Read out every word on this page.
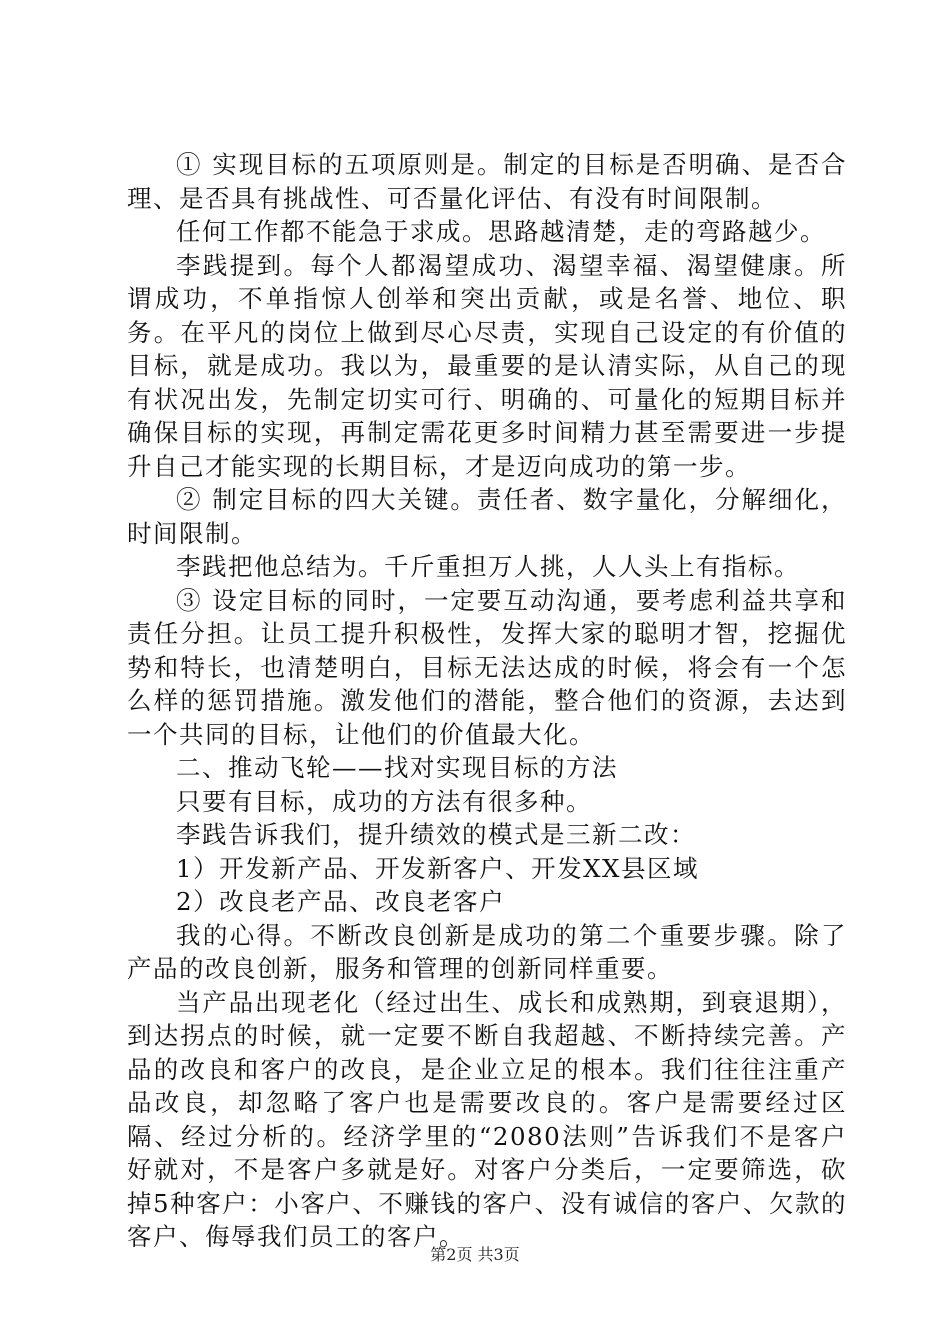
① 实现目标的五项原则是。制定的目标是否明确、是否合理、是否具有挑战性、可否量化评估、有没有时间限制。

任何工作都不能急于求成。思路越清楚，走的弯路越少。

李践提到。每个人都渴望成功、渴望幸福、渴望健康。所谓成功，不单指惊人创举和突出贡献，或是名誉、地位、职务。在平凡的岗位上做到尽心尽责，实现自己设定的有价值的目标，就是成功。我以为，最重要的是认清实际，从自己的现有状况出发，先制定切实可行、明确的、可量化的短期目标并确保目标的实现，再制定需花更多时间精力甚至需要进一步提升自己才能实现的长期目标，才是迈向成功的第一步。

② 制定目标的四大关键。责任者、数字量化，分解细化，时间限制。

李践把他总结为。千斤重担万人挑，人人头上有指标。

③ 设定目标的同时，一定要互动沟通，要考虑利益共享和责任分担。让员工提升积极性，发挥大家的聪明才智，挖掘优势和特长，也清楚明白，目标无法达成的时候，将会有一个怎么样的惩罚措施。激发他们的潜能，整合他们的资源，去达到一个共同的目标，让他们的价值最大化。

二、推动飞轮——找对实现目标的方法

只要有目标，成功的方法有很多种。

李践告诉我们，提升绩效的模式是三新二改：

1）开发新产品、开发新客户、开发XX县区域

2）改良老产品、改良老客户

我的心得。不断改良创新是成功的第二个重要步骤。除了产品的改良创新，服务和管理的创新同样重要。

当产品出现老化（经过出生、成长和成熟期，到衰退期），到达拐点的时候，就一定要不断自我超越、不断持续完善。产品的改良和客户的改良，是企业立足的根本。我们往往注重产品改良，却忽略了客户也是需要改良的。客户是需要经过区隔、经过分析的。经济学里的“2080法则”告诉我们不是客户好就对，不是客户多就是好。对客户分类后，一定要筛选，砍掉5种客户：小客户、不赚钱的客户、没有诚信的客户、欠款的客户、侮辱我们员工的客户。

第2页 共3页
